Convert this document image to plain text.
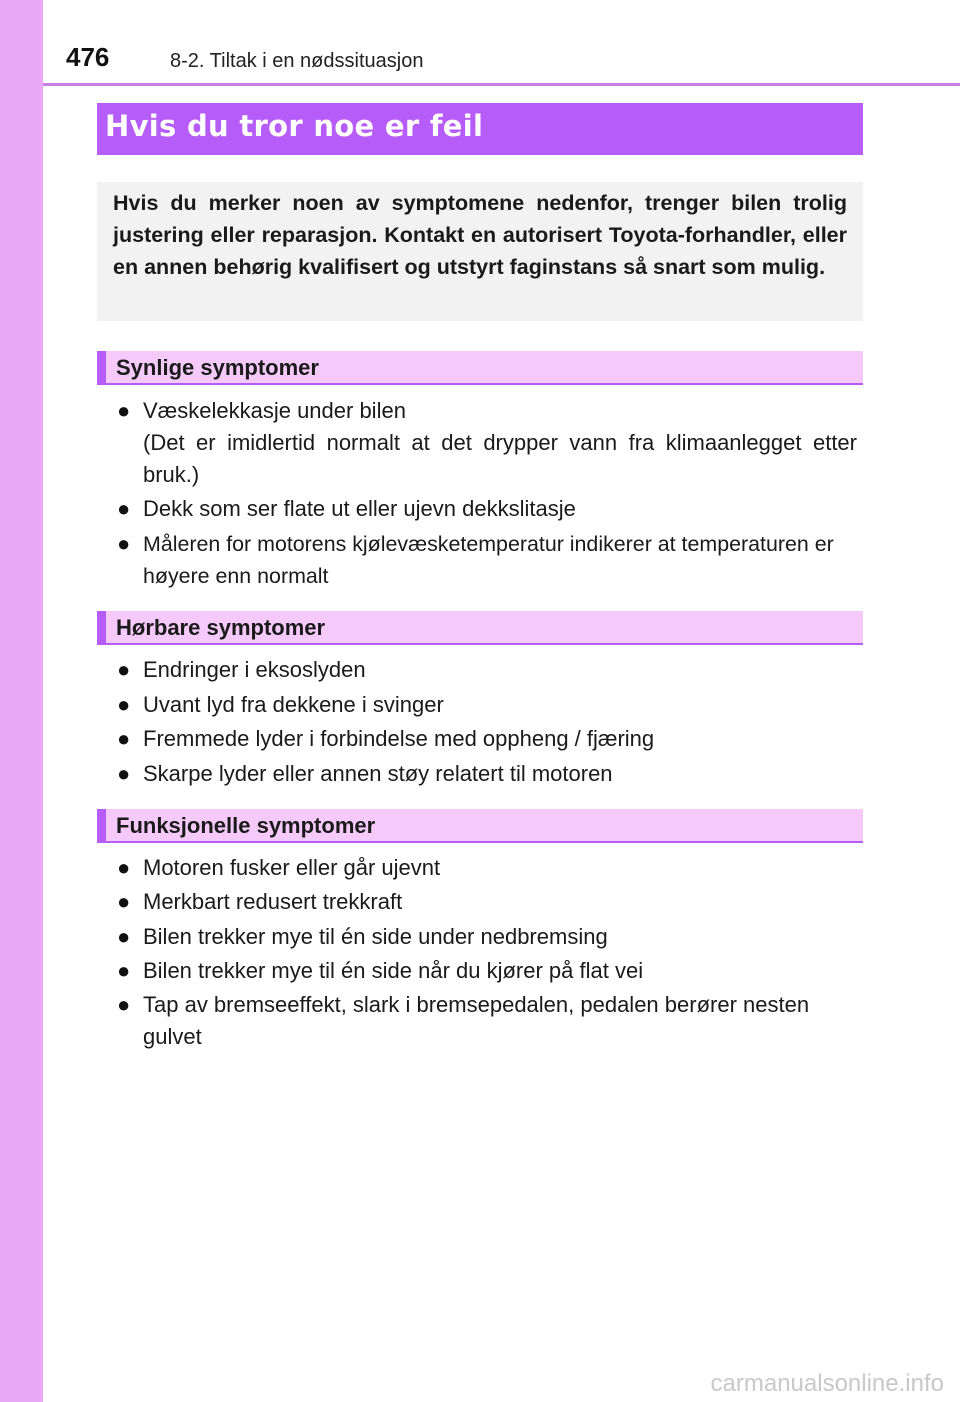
476	8-2. Tiltak i en nødssituasjon
Hvis du tror noe er feil

Hvis du merker noen av symptomene nedenfor, trenger bilen trolig justering eller reparasjon. Kontakt en autorisert Toyota-forhandler, eller en annen behørig kvalifisert og utstyrt faginstans så snart som mulig.

Synlige symptomer
● Væskelekkasje under bilen
(Det er imidlertid normalt at det drypper vann fra klimaanlegget etter bruk.)
● Dekk som ser flate ut eller ujevn dekkslitasje
● Måleren for motorens kjølevæsketemperatur indikerer at temperaturen er høyere enn normalt
Hørbare symptomer
● Endringer i eksoslyden
● Uvant lyd fra dekkene i svinger
● Fremmede lyder i forbindelse med oppheng / fjæring
● Skarpe lyder eller annen støy relatert til motoren
Funksjonelle symptomer
● Motoren fusker eller går ujevnt
● Merkbart redusert trekkraft
● Bilen trekker mye til én side under nedbremsing
● Bilen trekker mye til én side når du kjører på flat vei
● Tap av bremseeffekt, slark i bremsepedalen, pedalen berører nesten gulvet
carmanualsonline.info
